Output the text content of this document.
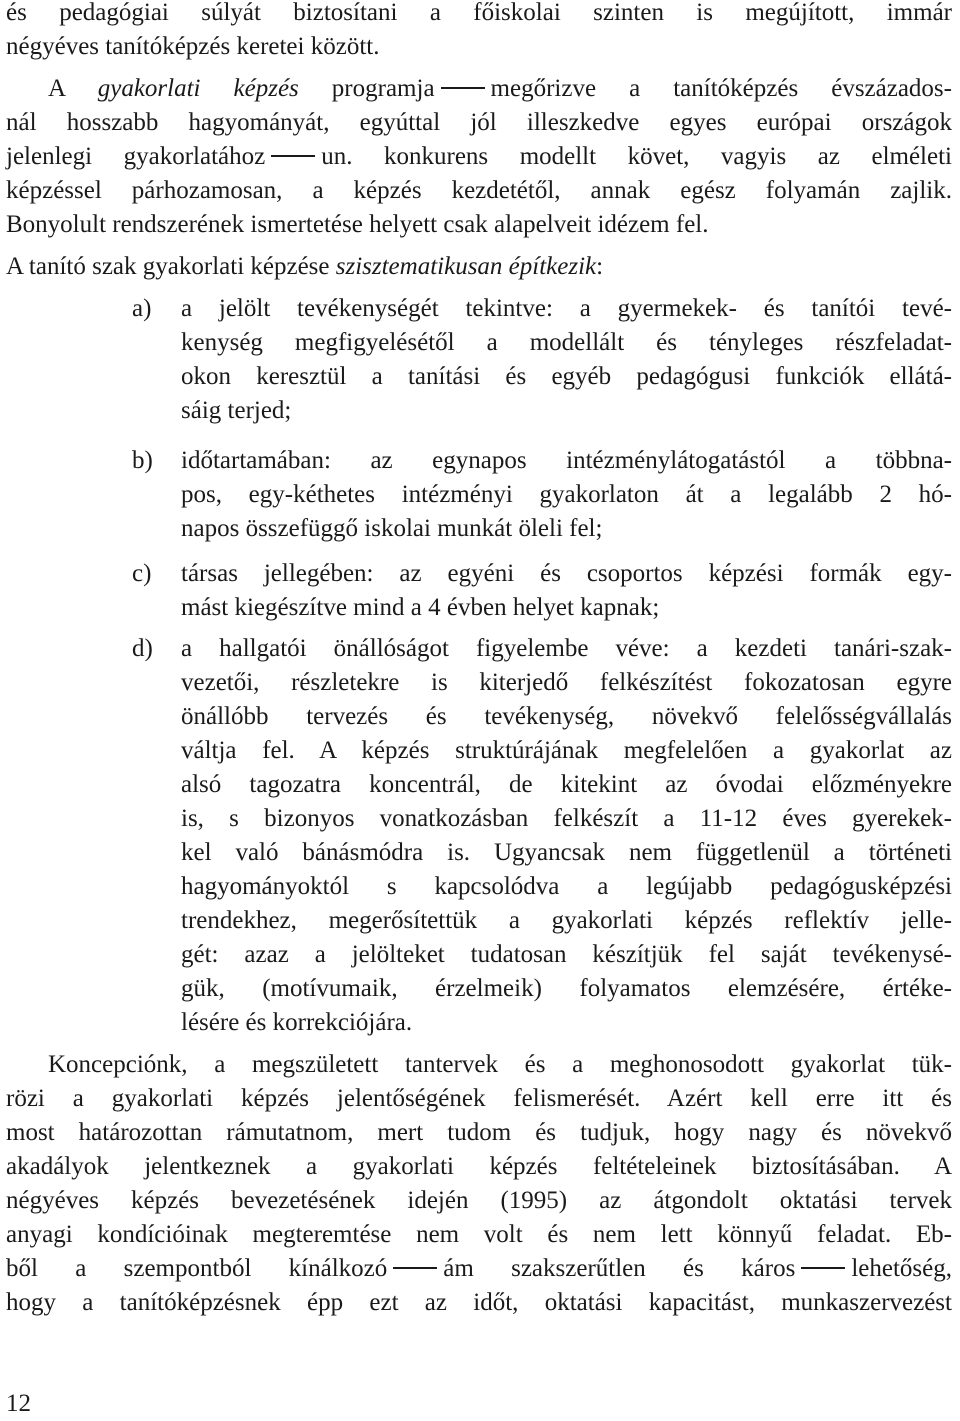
és pedagógiai súlyát biztosítani a főiskolai szinten is megújított, immár
négyéves tanítóképzés keretei között.
A gyakorlati képzés programja megőrizve a tanítóképzés évszázados-
nál hosszabb hagyományát, egyúttal jól illeszkedve egyes európai országok
jelenlegi gyakorlatához un. konkurens modellt követ, vagyis az elméleti
képzéssel párhozamosan, a képzés kezdetétől, annak egész folyamán zajlik.
Bonyolult rendszerének ismertetése helyett csak alapelveit idézem fel.
A tanító szak gyakorlati képzése szisztematikusan építkezik:
a) a jelölt tevékenységét tekintve: a gyermekek- és tanítói tevé-
kenység megfigyelésétől a modellált és tényleges részfeladat-
okon keresztül a tanítási és egyéb pedagógusi funkciók ellátá-
sáig terjed;
b) időtartamában: az egynapos intézménylátogatástól a többna-
pos, egy-kéthetes intézményi gyakorlaton át a legalább 2 hó-
napos összefüggő iskolai munkát öleli fel;
c) társas jellegében: az egyéni és csoportos képzési formák egy-
mást kiegészítve mind a 4 évben helyet kapnak;
d) a hallgatói önállóságot figyelembe véve: a kezdeti tanári-szak-
vezetői, részletekre is kiterjedő felkészítést fokozatosan egyre
önállóbb tervezés és tevékenység, növekvő felelősségvállalás
váltja fel. A képzés struktúrájának megfelelően a gyakorlat az
alsó tagozatra koncentrál, de kitekint az óvodai előzményekre
is, s bizonyos vonatkozásban felkészít a 11-12 éves gyerekek-
kel való bánásmódra is. Ugyancsak nem függetlenül a történeti
hagyományoktól s kapcsolódva a legújabb pedagógusképzési
trendekhez, megerősítettük a gyakorlati képzés reflektív jelle-
gét: azaz a jelölteket tudatosan készítjük fel saját tevékenysé-
gük, (motívumaik, érzelmeik) folyamatos elemzésére, értéke-
lésére és korrekciójára.
Koncepciónk, a megszületett tantervek és a meghonosodott gyakorlat tük-
rözi a gyakorlati képzés jelentőségének felismerését. Azért kell erre itt és
most határozottan rámutatnom, mert tudom és tudjuk, hogy nagy és növekvő
akadályok jelentkeznek a gyakorlati képzés feltételeinek biztosításában. A
négyéves képzés bevezetésének idején (1995) az átgondolt oktatási tervek
anyagi kondícióinak megteremtése nem volt és nem lett könnyű feladat. Eb-
ből a szempontból kínálkozó ám szakszerűtlen és káros lehetőség,
hogy a tanítóképzésnek épp ezt az időt, oktatási kapacitást, munkaszervezést
12
